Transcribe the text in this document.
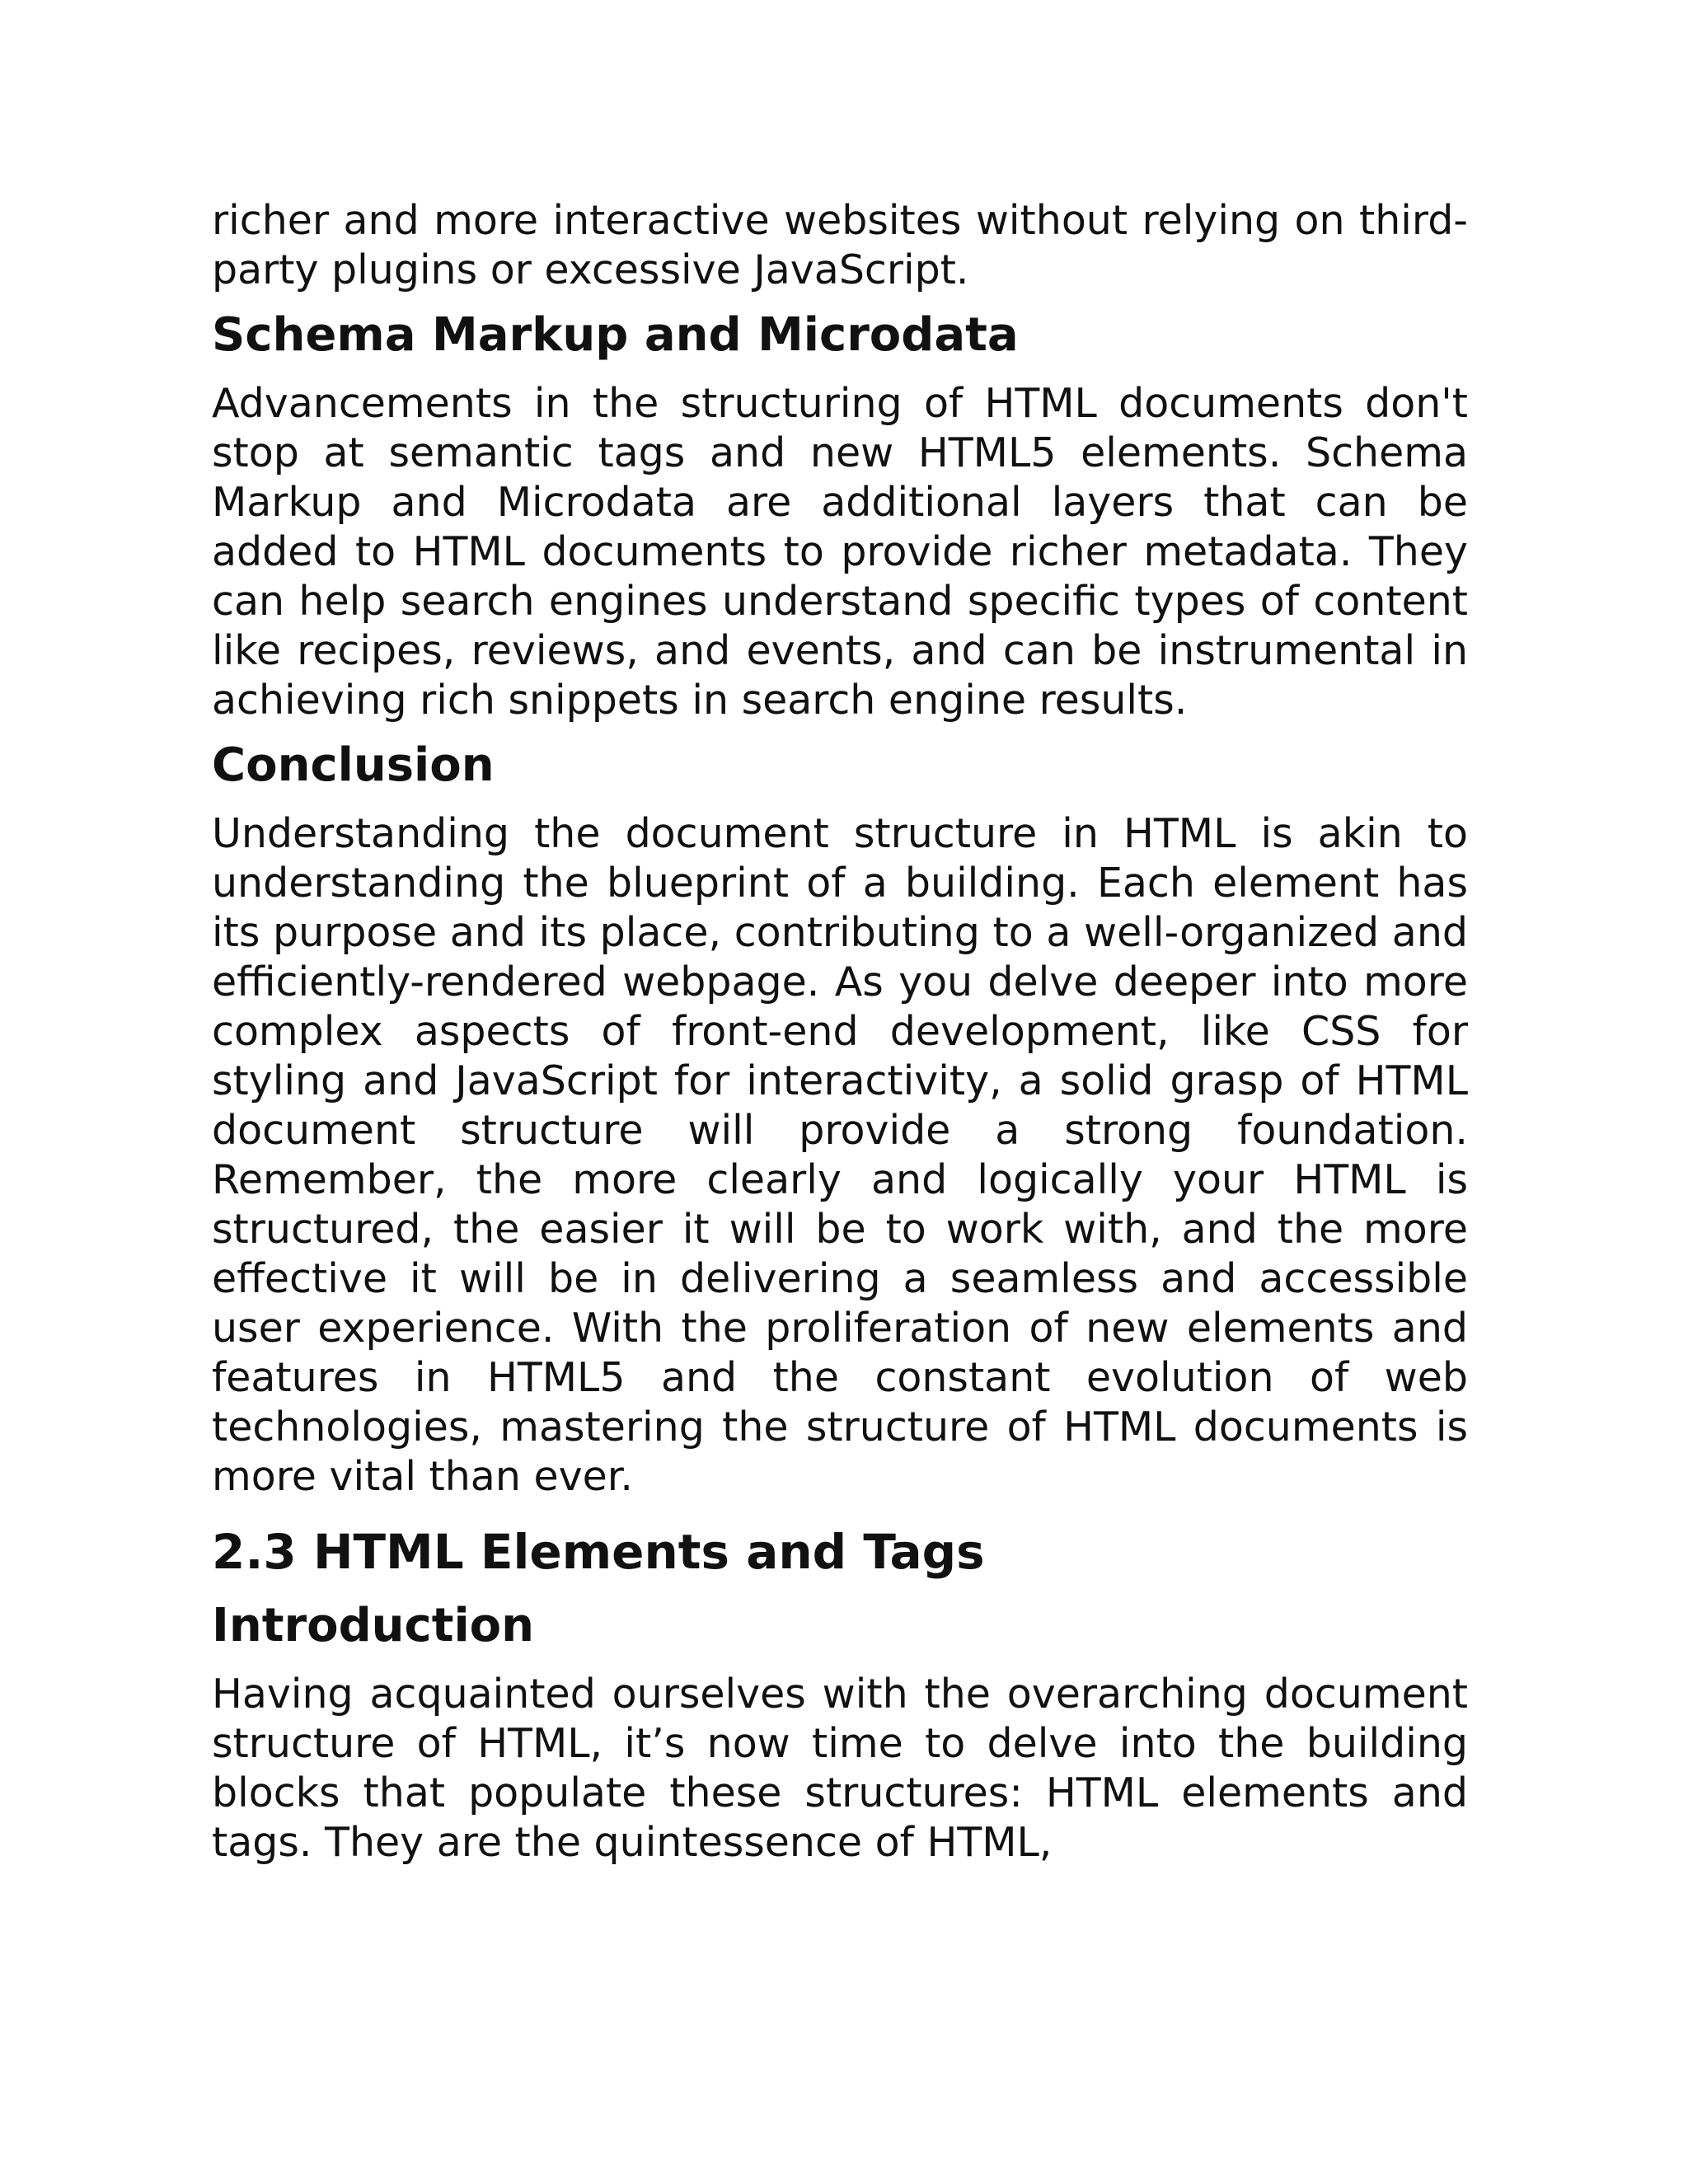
richer and more interactive websites without relying on third-party plugins or excessive JavaScript.

Schema Markup and Microdata

Advancements in the structuring of HTML documents don't stop at semantic tags and new HTML5 elements. Schema Markup and Microdata are additional layers that can be added to HTML documents to provide richer metadata. They can help search engines understand specific types of content like recipes, reviews, and events, and can be instrumental in achieving rich snippets in search engine results.

Conclusion

Understanding the document structure in HTML is akin to understanding the blueprint of a building. Each element has its purpose and its place, contributing to a well-organized and efficiently-rendered webpage. As you delve deeper into more complex aspects of front-end development, like CSS for styling and JavaScript for interactivity, a solid grasp of HTML document structure will provide a strong foundation. Remember, the more clearly and logically your HTML is structured, the easier it will be to work with, and the more effective it will be in delivering a seamless and accessible user experience. With the proliferation of new elements and features in HTML5 and the constant evolution of web technologies, mastering the structure of HTML documents is more vital than ever.

2.3 HTML Elements and Tags
Introduction

Having acquainted ourselves with the overarching document structure of HTML, it’s now time to delve into the building blocks that populate these structures: HTML elements and tags. They are the quintessence of HTML,
